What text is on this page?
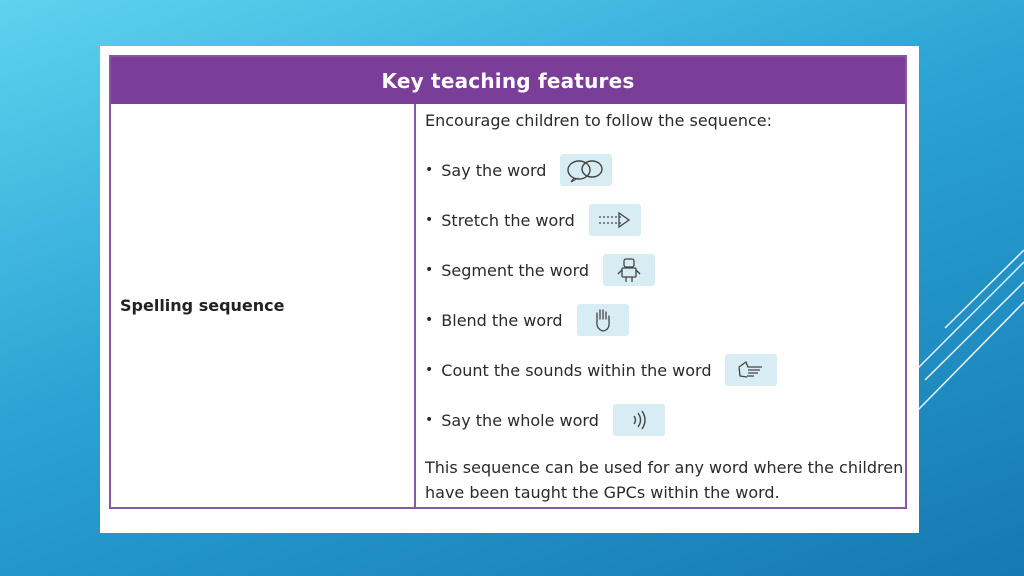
Key teaching features
Spelling sequence
Encourage children to follow the sequence:
• Say the word
• Stretch the word
• Segment the word
• Blend the word
• Count the sounds within the word
• Say the whole word
This sequence can be used for any word where the children have been taught the GPCs within the word.
